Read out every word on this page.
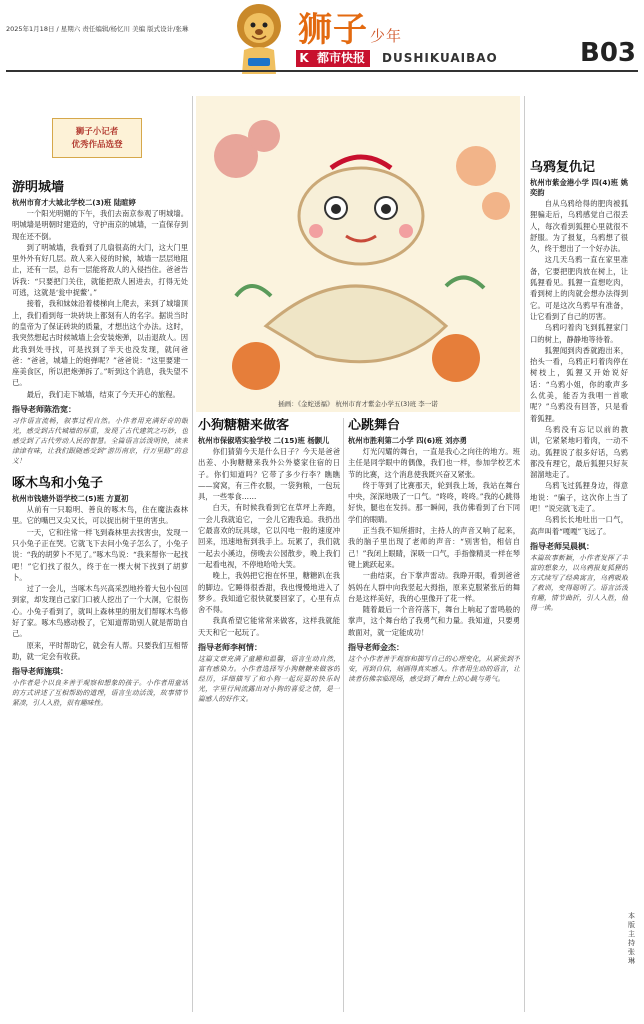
2025年1月18日 / 星期六 责任编辑/杨忆川 美编 版式设计/张琳	狮子 少年
K 都市快报	DUSHIKUAIBAO	B03
狮子小记者
优秀作品选登
游明城墙
杭州市育才大城北学校二(3)班 陆暄婷

一个阳光明媚的下午，我们去南京参观了明城墙。明城墙是明朝时建造的，守护南京的城墙，一直保存到现在还不倒。

到了明城墙，我看到了几扇很高的大门，这大门里里外外有好几层。敌人来入侵的时候，城墙一层层地阻止，还有一层，总有一层能将敌人的入侵挡住。爸爸告诉我：“只要把门关住，就能把敌人困进去，打得无处可逃，这就是‘瓮中捉鳖’。”

接着，我和妹妹沿着楼梯向上爬去，来到了城墙顶上，我们看到每一块砖块上都刻有人的名字。据说当时的皇帝为了保证砖块的质量，才想出这个办法。这时，我突然想起古时候城墙上会安装炮弹，以击退敌人。因此我到处寻找，可是找到了半天也没发现，就问爸爸：“爸爸，城墙上的炮弹呢？”爸爸说：“这里要建一座美食区，所以把炮弹拆了。”听到这个消息，我失望不已。

最后，我们走下城墙，结束了今天开心的旅程。

指导老师陈浩宽：
习作语言流畅，叙事过程自然。小作者用充满好奇的眼光，感受到古代城墙的厚重，发现了古代建筑之巧妙，也感受到了古代劳动人民的智慧。全篇语言活泼明快，读来津津有味，让我们跟随感受到“游历南京，行万里路”的意义！
啄木鸟和小兔子
杭州市钱塘外语学校二(5)班 方夏初

从前有一只聪明、善良的啄木鸟，住在魔法森林里。它的嘴巴又尖又长，可以捉出树干里的害虫。

一天，它和往常一样飞到森林里去找害虫，发现一只小兔子正在哭。它就飞下去问小兔子怎么了，小兔子说：“我的胡萝卜不见了。”啄木鸟说：“我来帮你一起找吧！”它们找了很久，终于在一棵大树下找到了胡萝卜。

过了一会儿，当啄木鸟兴高采烈地拎着大包小包回到家，却发现自己家门口被人挖出了一个大洞，它很伤心。小兔子看到了，就叫上森林里的朋友们帮啄木鸟修好了家。啄木鸟感动极了，它知道帮助别人就是帮助自己。

原来，平时帮助它，就会有人帮。只要我们互相帮助，就一定会有收获。

指导老师施琪：
小作者是个以良多善于观察和想象的孩子。小作者用童话的方式讲述了互相帮助的道理，语言生动活泼，故事情节紧凑，引人入胜，很有趣味性。
插画：《金蛇送福》 杭州市育才紫金小学五(3)班 李一诺
小狗糖糖来做客
杭州市保俶塔实验学校 二(15)班 杨颢儿

你们猜猜今天是什么日子？今天是爸爸出差、小狗糖糖来我外公外婆家住宿的日子。你们知道吗？它带了多少行李？瞧瞧——窝窝，有三件衣服，一袋狗粮，一包玩具，一些零食……

白天，有时候我看到它在草坪上奔跑，一会儿我就追它，一会儿它跑我追。我扔出它最喜欢的玩具球，它以闪电一般的速度冲回来，迅速地衔到我手上。玩累了，我们就一起去小溪边，傍晚去公园散步，晚上我们一起看电视，不停地哈哈大笑。

晚上，我妈把它抱在怀里，糖糖趴在我的脚边。它睡得很香甜，我也慢慢地进入了梦乡。我知道它很快就要回家了，心里有点舍不得。

我真希望它能常常来做客，这样我就能天天和它一起玩了。

指导老师李柯情：
这篇文章充满了童趣和温馨，语言生动自然，富有感染力。小作者选择写小狗糖糖来做客的经历，详细描写了和小狗一起玩耍的快乐时光，字里行间流露出对小狗的喜爱之情，是一篇感人的好作文。
心跳舞台
杭州市胜利第二小学 四(6)班 刘亦勇

灯光闪耀的舞台，一直是我心之向往的地方。班主任是同学眼中的偶像，我们也一样，参加学校艺术节的比赛，这个消息使我既兴奋又紧张。

终于等到了比赛那天，轮到我上场，我站在舞台中央，深深地吸了一口气。“咚咚，咚咚。”我的心跳得好快，腿也在发抖。那一瞬间，我仿佛看到了台下同学们的眼睛。

正当我不知所措时，主持人的声音又响了起来，我的脑子里出现了老师的声音：“别害怕，相信自己！”我闭上眼睛，深吸一口气，手指像精灵一样在琴键上跳跃起来。

一曲结束，台下掌声雷动。我睁开眼，看到爸爸妈妈在人群中向我竖起大拇指，原来克服紧张后的舞台是这样美好，我的心里像开了花一样。

随着最后一个音符落下，舞台上响起了雷鸣般的掌声，这个舞台给了我勇气和力量。我知道，只要勇敢面对，就一定能成功！

指导老师金杰：
这个小作者善于观察和描写自己的心理变化，从紧张到不安，再到自信，刻画得真实感人。作者用生动的语言，让读者仿佛亲临现场，感受到了舞台上的心跳与勇气。
乌鸦复仇记
杭州市紫金港小学 四(4)班 姚奕韵

自从乌鸦给得的肥肉被狐狸骗走后，乌鸦感觉自己很丢人，每次看到狐狸心里就很不舒服。为了报复，乌鸦想了很久，终于想出了一个好办法。

这几天乌鸦一直在家里准备，它要把肥肉放在树上，让狐狸看见。狐狸一直想吃肉，看到树上的肉就会想办法得到它。可是这次乌鸦早有准备，让它看到了自己的厉害。

乌鸦叼着肉飞到狐狸家门口的树上，静静地等待着。

狐狸闻到肉香就跑出来，抬头一看，乌鸦正叼着肉停在树枝上，狐狸又开始说好话：“乌鸦小姐，你的歌声多么优美，能否为我唱一首歌呢？”乌鸦没有回答，只是看着狐狸。

乌鸦没有忘记以前的教训，它紧紧地叼着肉，一动不动。狐狸说了很多好话，乌鸦都没有理它，最后狐狸只好灰溜溜地走了。

乌鸦飞过狐狸身边，得意地说：“骗子，这次你上当了吧！”说完就飞走了。

乌鸦长长地吐出一口气，高声叫着“嘎嘎”飞远了。

指导老师吴晨枫：
本篇故事新颖，小作者发挥了丰富的想象力，以乌鸦报复狐狸的方式续写了经典寓言，乌鸦吸取了教训，变得聪明了。语言活泼有趣，情节曲折，引人入胜，值得一读。
本版主持 张琳
